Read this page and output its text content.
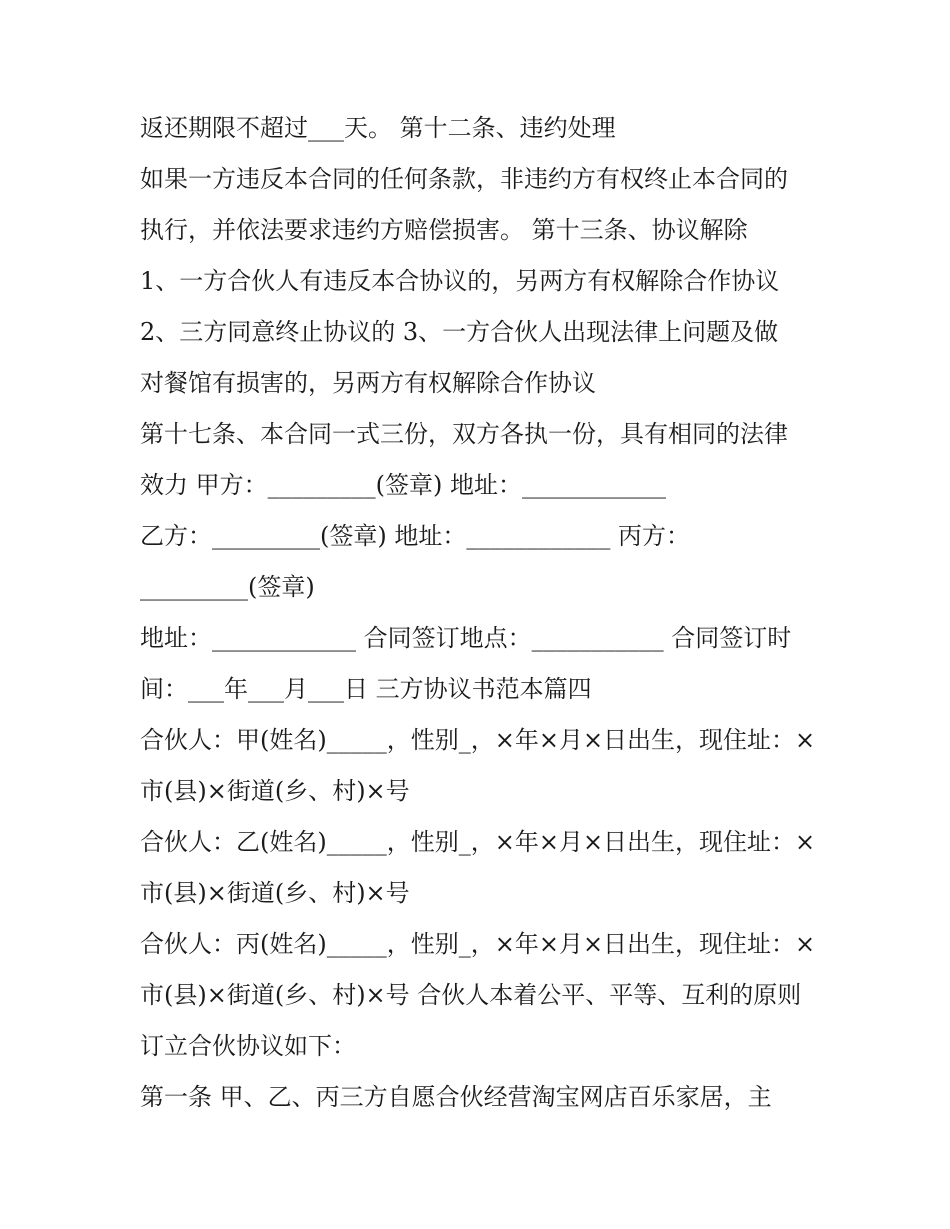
返还期限不超过___天。 第十二条、违约处理
如果一方违反本合同的任何条款，非违约方有权终止本合同的
执行，并依法要求违约方赔偿损害。 第十三条、协议解除
1、一方合伙人有违反本合协议的，另两方有权解除合作协议
2、三方同意终止协议的 3、一方合伙人出现法律上问题及做
对餐馆有损害的，另两方有权解除合作协议
第十七条、本合同一式三份，双方各执一份，具有相同的法律
效力 甲方：_________(签章) 地址：____________
乙方：_________(签章) 地址：____________ 丙方：
_________(签章)
地址：____________ 合同签订地点：___________ 合同签订时
间：___年___月___日 三方协议书范本篇四
合伙人：甲(姓名)_____，性别_，×年×月×日出生，现住址：×
市(县)×街道(乡、村)×号
合伙人：乙(姓名)_____，性别_，×年×月×日出生，现住址：×
市(县)×街道(乡、村)×号
合伙人：丙(姓名)_____，性别_，×年×月×日出生，现住址：×
市(县)×街道(乡、村)×号 合伙人本着公平、平等、互利的原则
订立合伙协议如下：
第一条 甲、乙、丙三方自愿合伙经营淘宝网店百乐家居，主
